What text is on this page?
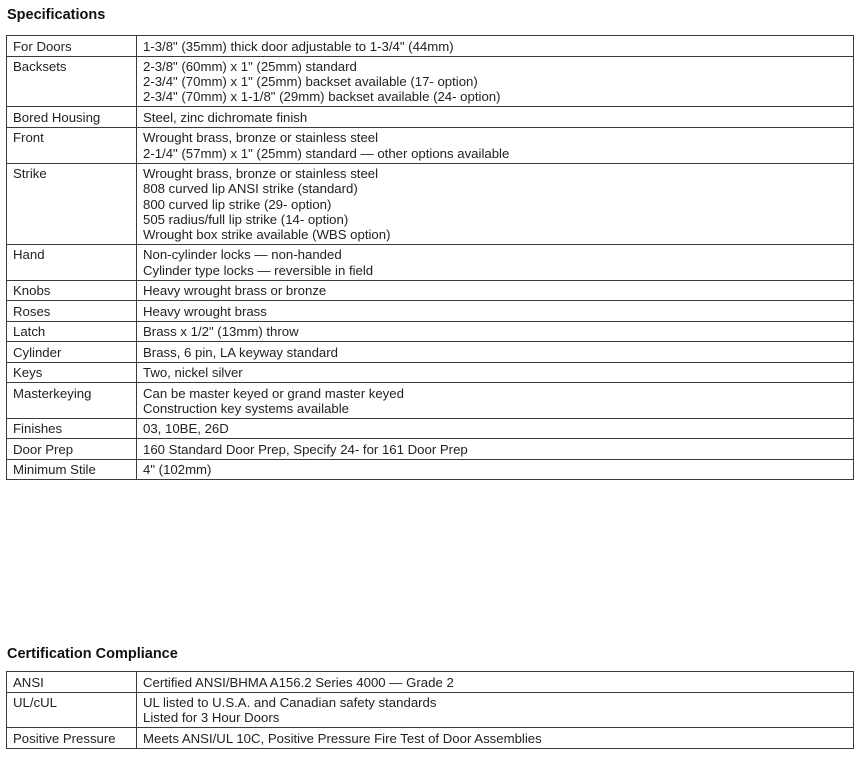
Specifications
For Doors	1-3/8" (35mm) thick door adjustable to 1-3/4" (44mm)

Backsets	2-3/8" (60mm) x 1" (25mm) standard
2-3/4" (70mm) x 1" (25mm) backset available (17- option)
2-3/4" (70mm) x 1-1/8" (29mm) backset available (24- option)

Bored Housing	Steel, zinc dichromate finish

Front	Wrought brass, bronze or stainless steel
2-1/4" (57mm) x 1" (25mm) standard — other options available

Strike	Wrought brass, bronze or stainless steel
808 curved lip ANSI strike (standard)
800 curved lip strike (29- option)
505 radius/full lip strike (14- option)
Wrought box strike available (WBS option)

Hand	Non-cylinder locks — non-handed
Cylinder type locks — reversible in field

Knobs	Heavy wrought brass or bronze

Roses	Heavy wrought brass

Latch	Brass x 1/2" (13mm) throw

Cylinder	Brass, 6 pin, LA keyway standard

Keys	Two, nickel silver

Masterkeying	Can be master keyed or grand master keyed
Construction key systems available

Finishes	03, 10BE, 26D

Door Prep	160 Standard Door Prep, Specify 24- for 161 Door Prep

Minimum Stile	4" (102mm)
Certification Compliance
ANSI	Certified ANSI/BHMA A156.2 Series 4000 — Grade 2

UL/cUL	UL listed to U.S.A. and Canadian safety standards
Listed for 3 Hour Doors

Positive Pressure	Meets ANSI/UL 10C, Positive Pressure Fire Test of Door Assemblies
